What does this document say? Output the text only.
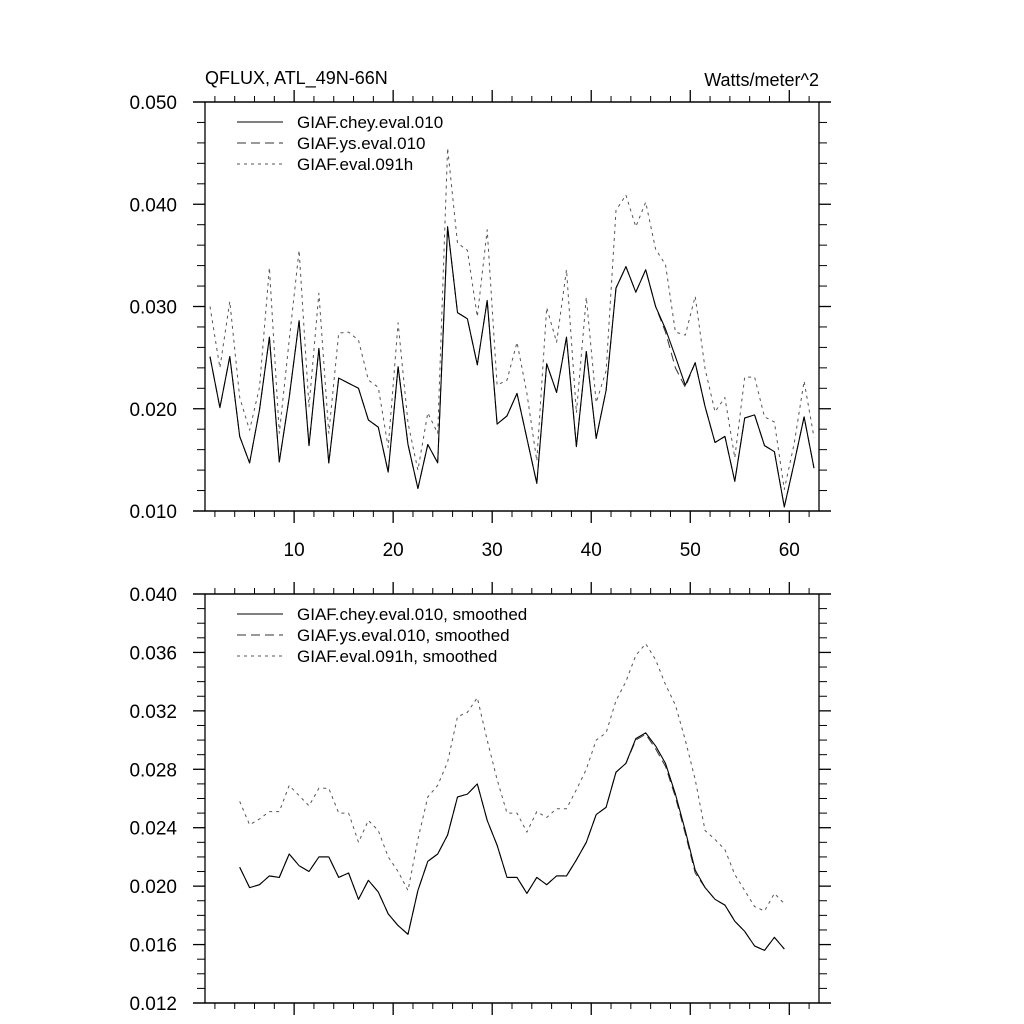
QFLUX, ATL_49N-66N	Watts/meter^2
0.010
0.020
0.030
0.040
0.050
10	20	30	40	50	60
GIAF.chey.eval.010
GIAF.ys.eval.010
GIAF.eval.091h
0.012
0.016
0.020
0.024
0.028
0.032
0.036
0.040
GIAF.chey.eval.010, smoothed
GIAF.ys.eval.010, smoothed
GIAF.eval.091h, smoothed
